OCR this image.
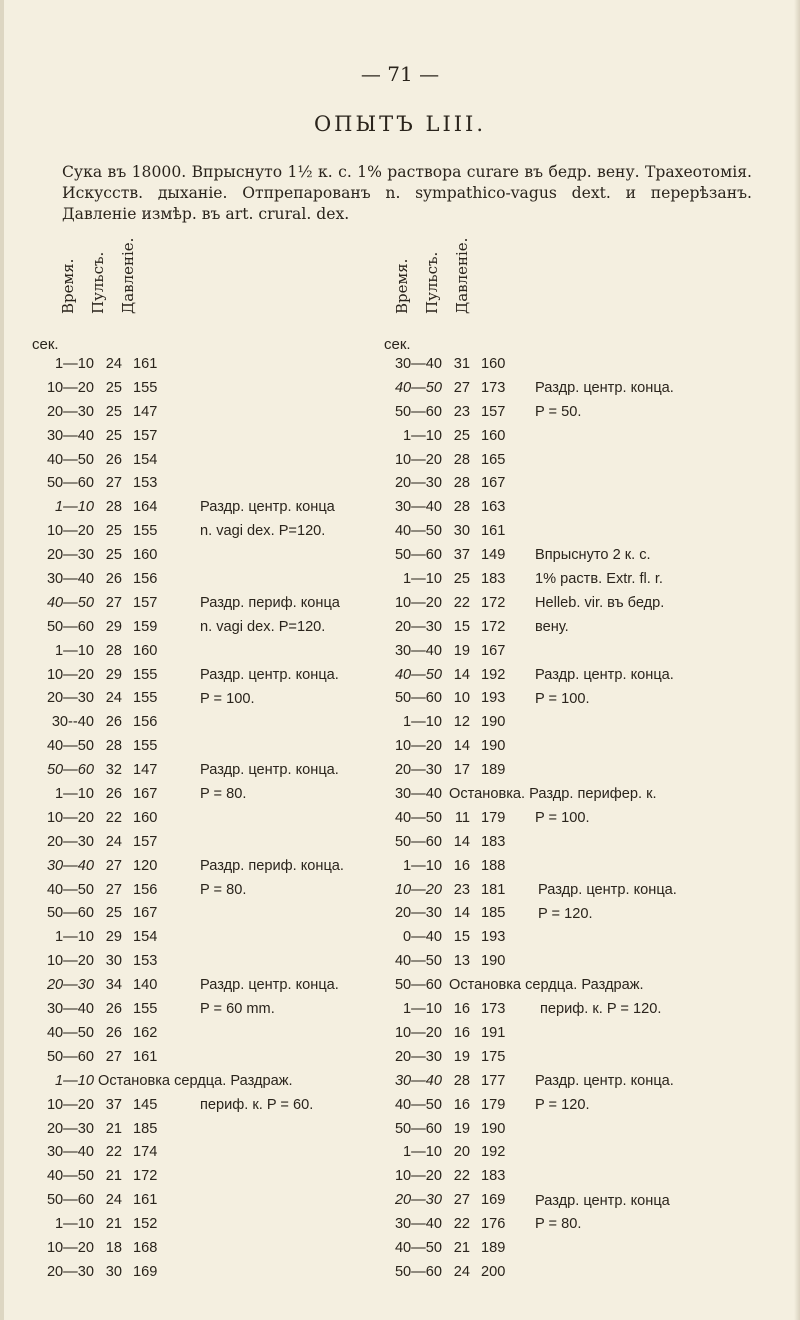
— 71 —
ОПЫТЪ LIII.
Сука въ 18000. Впрыснуто 1½ к. с. 1% раствора curare въ бедр. вену. Трахеотомія. Искусств. дыханіе. Отпрепарованъ n. sympathico-vagus dext. и перерѣзанъ. Давленіе измѣр. въ art. crural. dex.
Время. Пульсъ. Давленіе.
сек.
Время. Пульсъ. Давленіе.
сек.
1—10 24 161
10—20 25 155
20—30 25 147
30—40 25 157
40—50 26 154
50—60 27 153
1—10 28 164
10—20 25 155
20—30 25 160
30—40 26 156
40—50 27 157
50—60 29 159
1—10 28 160
10—20 29 155
20—30 24 155
30--40 26 156
40—50 28 155
50—60 32 147
1—10 26 167
10—20 22 160
20—30 24 157
30—40 27 120
40—50 27 156
50—60 25 167
1—10 29 154
10—20 30 153
20—30 34 140
30—40 26 155
40—50 26 162
50—60 27 161
1—10
10—20 37 145
20—30 21 185
30—40 22 174
40—50 21 172
50—60 24 161
1—10 21 152
10—20 18 168
20—30 30 169
30—40 31 160
40—50 27 173
50—60 23 157
1—10 25 160
10—20 28 165
20—30 28 167
30—40 28 163
40—50 30 161
50—60 37 149
1—10 25 183
10—20 22 172
20—30 15 172
30—40 19 167
40—50 14 192
50—60 10 193
1—10 12 190
10—20 14 190
20—30 17 189
30—40
40—50 11 179
50—60 14 183
1—10 16 188
10—20 23 181
20—30 14 185
0—40 15 193
40—50 13 190
50—60
1—10 16 173
10—20 16 191
20—30 19 175
30—40 28 177
40—50 16 179
50—60 19 190
1—10 20 192
10—20 22 183
20—30 27 169
30—40 22 176
40—50 21 189
50—60 24 200
Раздр. центр. конца
n. vagi dex. P=120.
Раздр. периф. конца
n. vagi dex. P=120.
Раздр. центр. конца.
P = 100.
Раздр. центр. конца.
P = 80.
Раздр. периф. конца.
P = 80.
Раздр. центр. конца.
P = 60 mm.
периф. к. P = 60.
Остановка сердца. Раздраж.
Раздр. центр. конца.
P = 50.
Впрыснуто 2 к. с.
1% раств. Extr. fl. r.
Helleb. vir. въ бедр.
вену.
Раздр. центр. конца.
P = 100.
P = 100.
Раздр. центр. конца.
P = 120.
периф. к. P = 120.
Раздр. центр. конца.
P = 120.
Раздр. центр. конца
P = 80.
Остановка. Раздр. перифер. к.
Остановка сердца. Раздраж.
